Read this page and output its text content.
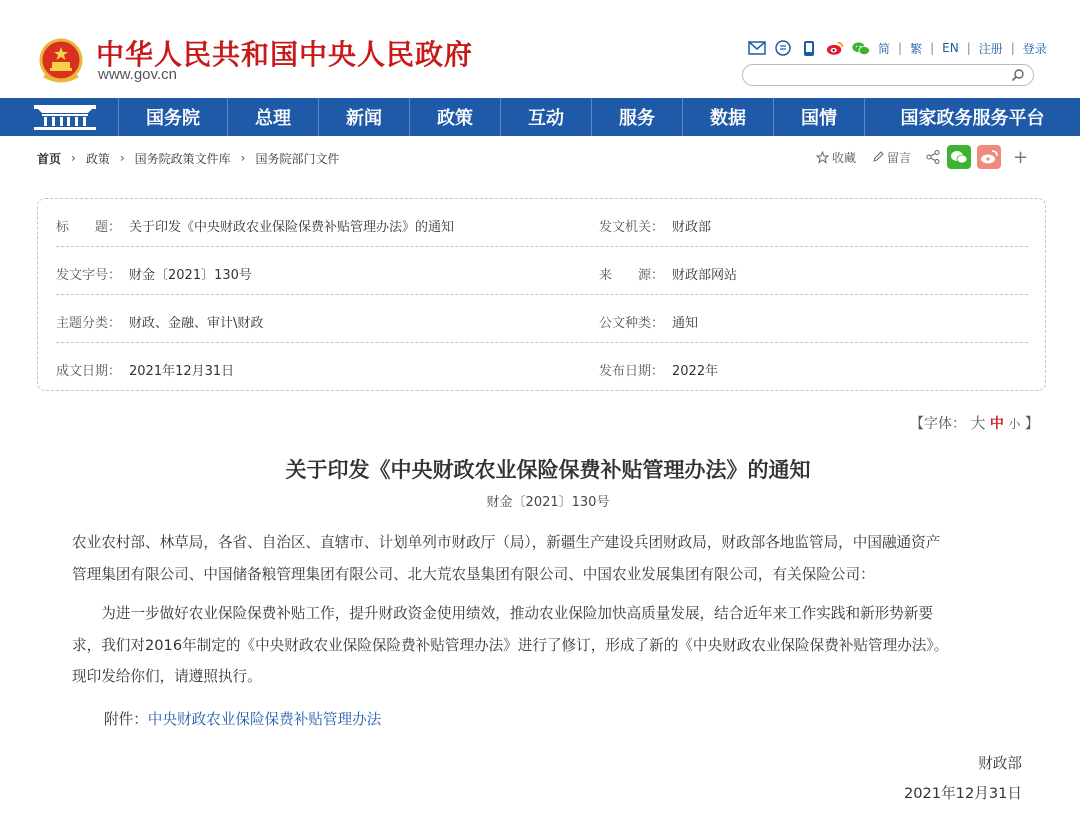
中华人民共和国中央人民政府
www.gov.cn
简 | 繁 | EN | 注册 | 登录
国务院	总理	新闻	政策	互动	服务	数据	国情	国家政务服务平台
首页 › 政策 › 国务院政策文件库 › 国务院部门文件	收藏	留言	+
标　　题： 关于印发《中央财政农业保险保费补贴管理办法》的通知	发文机关： 财政部
发文字号： 财金〔2021〕130号	来　　源： 财政部网站
主题分类： 财政、金融、审计\财政	公文种类： 通知
成文日期： 2021年12月31日	发布日期： 2022年
【字体： 大 中 小 】
关于印发《中央财政农业保险保费补贴管理办法》的通知
财金〔2021〕130号
农业农村部、林草局，各省、自治区、直辖市、计划单列市财政厅（局），新疆生产建设兵团财政局，财政部各地监管局，中国融通资产
管理集团有限公司、中国储备粮管理集团有限公司、北大荒农垦集团有限公司、中国农业发展集团有限公司，有关保险公司：
　　为进一步做好农业保险保费补贴工作，提升财政资金使用绩效，推动农业保险加快高质量发展，结合近年来工作实践和新形势新要
求，我们对2016年制定的《中央财政农业保险保险费补贴管理办法》进行了修订，形成了新的《中央财政农业保险保费补贴管理办法》。
现印发给你们，请遵照执行。
附件：中央财政农业保险保费补贴管理办法
财政部
2021年12月31日
